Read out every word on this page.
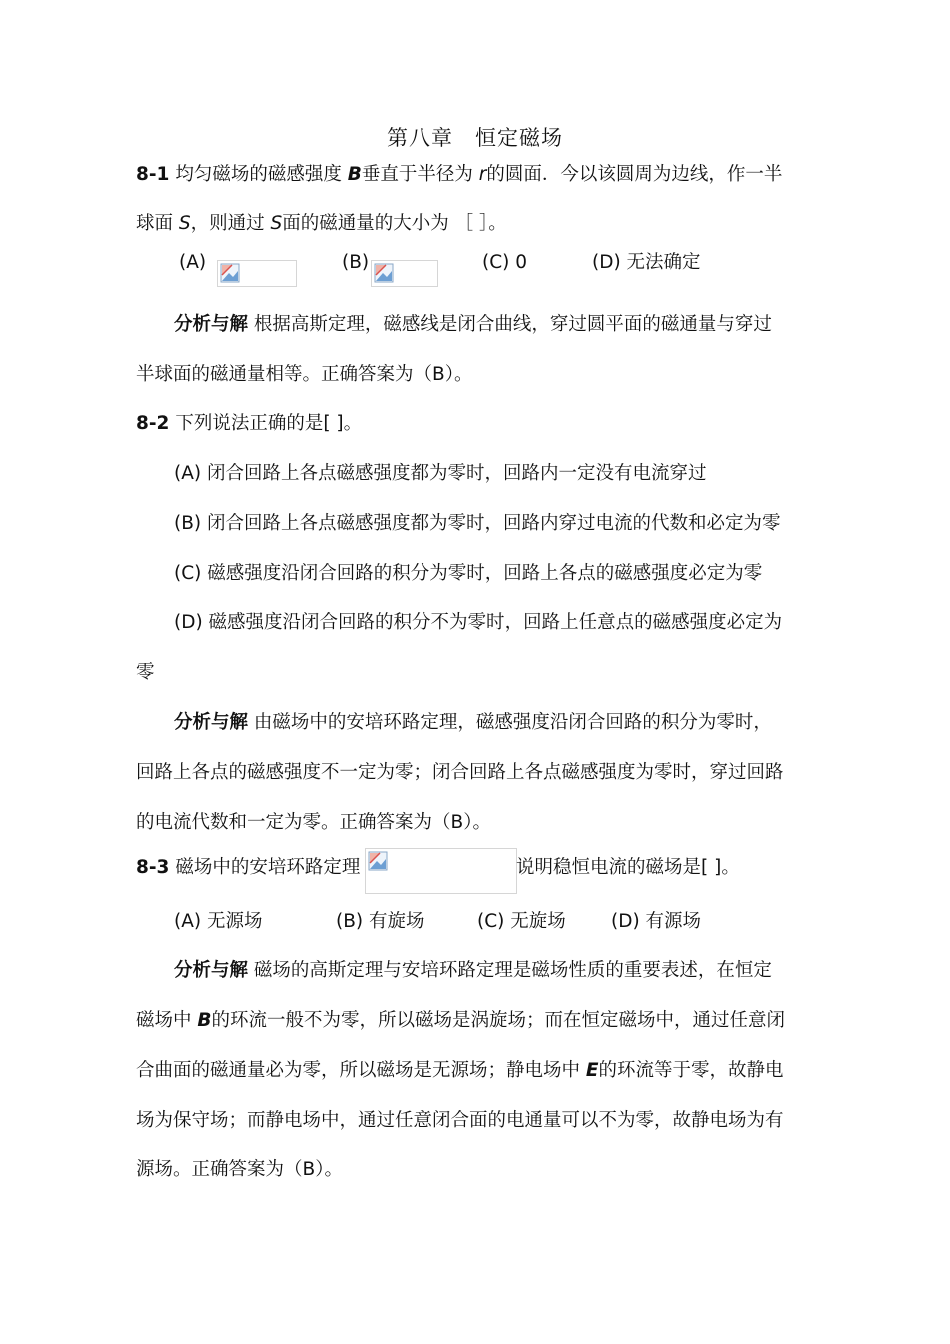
第八章　恒定磁场
8-1 均匀磁场的磁感强度 B垂直于半径为 r的圆面．今以该圆周为边线，作一半
球面 S，则通过 S面的磁通量的大小为 ［ ］。
(A)	(B)	(C) 0	(D) 无法确定
分析与解 根据高斯定理，磁感线是闭合曲线，穿过圆平面的磁通量与穿过
半球面的磁通量相等。正确答案为（B）。
8-2 下列说法正确的是[ ]。
(A) 闭合回路上各点磁感强度都为零时，回路内一定没有电流穿过
(B) 闭合回路上各点磁感强度都为零时，回路内穿过电流的代数和必定为零
(C) 磁感强度沿闭合回路的积分为零时，回路上各点的磁感强度必定为零
(D) 磁感强度沿闭合回路的积分不为零时，回路上任意点的磁感强度必定为
零
分析与解 由磁场中的安培环路定理，磁感强度沿闭合回路的积分为零时，
回路上各点的磁感强度不一定为零；闭合回路上各点磁感强度为零时，穿过回路
的电流代数和一定为零。正确答案为（B）。
8-3 磁场中的安培环路定理	说明稳恒电流的磁场是[ ]。
(A) 无源场	(B) 有旋场	(C) 无旋场 (D) 有源场
分析与解 磁场的高斯定理与安培环路定理是磁场性质的重要表述，在恒定
磁场中 B的环流一般不为零，所以磁场是涡旋场；而在恒定磁场中，通过任意闭
合曲面的磁通量必为零，所以磁场是无源场；静电场中 E的环流等于零，故静电
场为保守场；而静电场中，通过任意闭合面的电通量可以不为零，故静电场为有
源场。正确答案为（B）。
